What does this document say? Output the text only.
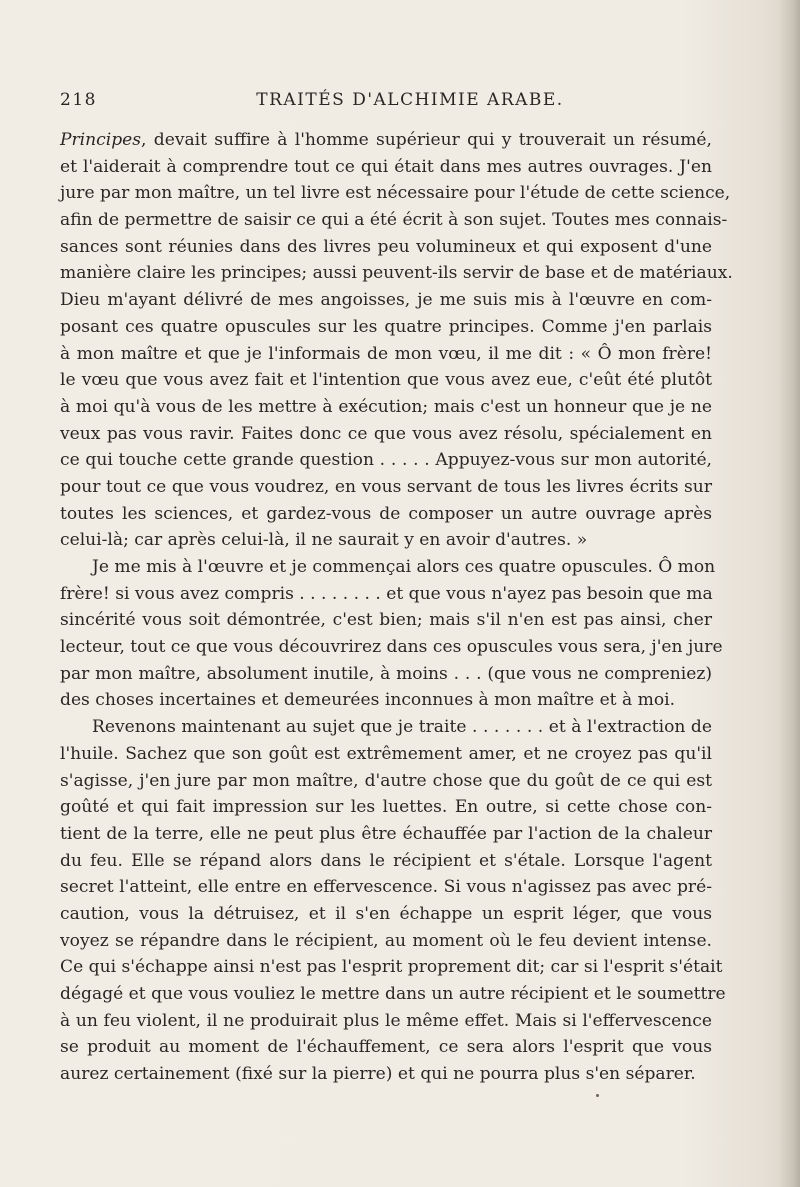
218	TRAITÉS D'ALCHIMIE ARABE.
Principes, devait suffire à l'homme supérieur qui y trouverait un résumé,
et l'aiderait à comprendre tout ce qui était dans mes autres ouvrages. J'en
jure par mon maître, un tel livre est nécessaire pour l'étude de cette science,
afin de permettre de saisir ce qui a été écrit à son sujet. Toutes mes connais-
sances sont réunies dans des livres peu volumineux et qui exposent d'une
manière claire les principes; aussi peuvent-ils servir de base et de matériaux.
Dieu m'ayant délivré de mes angoisses, je me suis mis à l'œuvre en com-
posant ces quatre opuscules sur les quatre principes. Comme j'en parlais
à mon maître et que je l'informais de mon vœu, il me dit : « Ô mon frère!
le vœu que vous avez fait et l'intention que vous avez eue, c'eût été plutôt
à moi qu'à vous de les mettre à exécution; mais c'est un honneur que je ne
veux pas vous ravir. Faites donc ce que vous avez résolu, spécialement en
ce qui touche cette grande question . . . . . Appuyez-vous sur mon autorité,
pour tout ce que vous voudrez, en vous servant de tous les livres écrits sur
toutes les sciences, et gardez-vous de composer un autre ouvrage après
celui-là; car après celui-là, il ne saurait y en avoir d'autres. »
Je me mis à l'œuvre et je commençai alors ces quatre opuscules. Ô mon
frère! si vous avez compris . . . . . . . . et que vous n'ayez pas besoin que ma
sincérité vous soit démontrée, c'est bien; mais s'il n'en est pas ainsi, cher
lecteur, tout ce que vous découvrirez dans ces opuscules vous sera, j'en jure
par mon maître, absolument inutile, à moins . . . (que vous ne compreniez)
des choses incertaines et demeurées inconnues à mon maître et à moi.
Revenons maintenant au sujet que je traite . . . . . . . et à l'extraction de
l'huile. Sachez que son goût est extrêmement amer, et ne croyez pas qu'il
s'agisse, j'en jure par mon maître, d'autre chose que du goût de ce qui est
goûté et qui fait impression sur les luettes. En outre, si cette chose con-
tient de la terre, elle ne peut plus être échauffée par l'action de la chaleur
du feu. Elle se répand alors dans le récipient et s'étale. Lorsque l'agent
secret l'atteint, elle entre en effervescence. Si vous n'agissez pas avec pré-
caution, vous la détruisez, et il s'en échappe un esprit léger, que vous
voyez se répandre dans le récipient, au moment où le feu devient intense.
Ce qui s'échappe ainsi n'est pas l'esprit proprement dit; car si l'esprit s'était
dégagé et que vous vouliez le mettre dans un autre récipient et le soumettre
à un feu violent, il ne produirait plus le même effet. Mais si l'effervescence
se produit au moment de l'échauffement, ce sera alors l'esprit que vous
aurez certainement (fixé sur la pierre) et qui ne pourra plus s'en séparer.
